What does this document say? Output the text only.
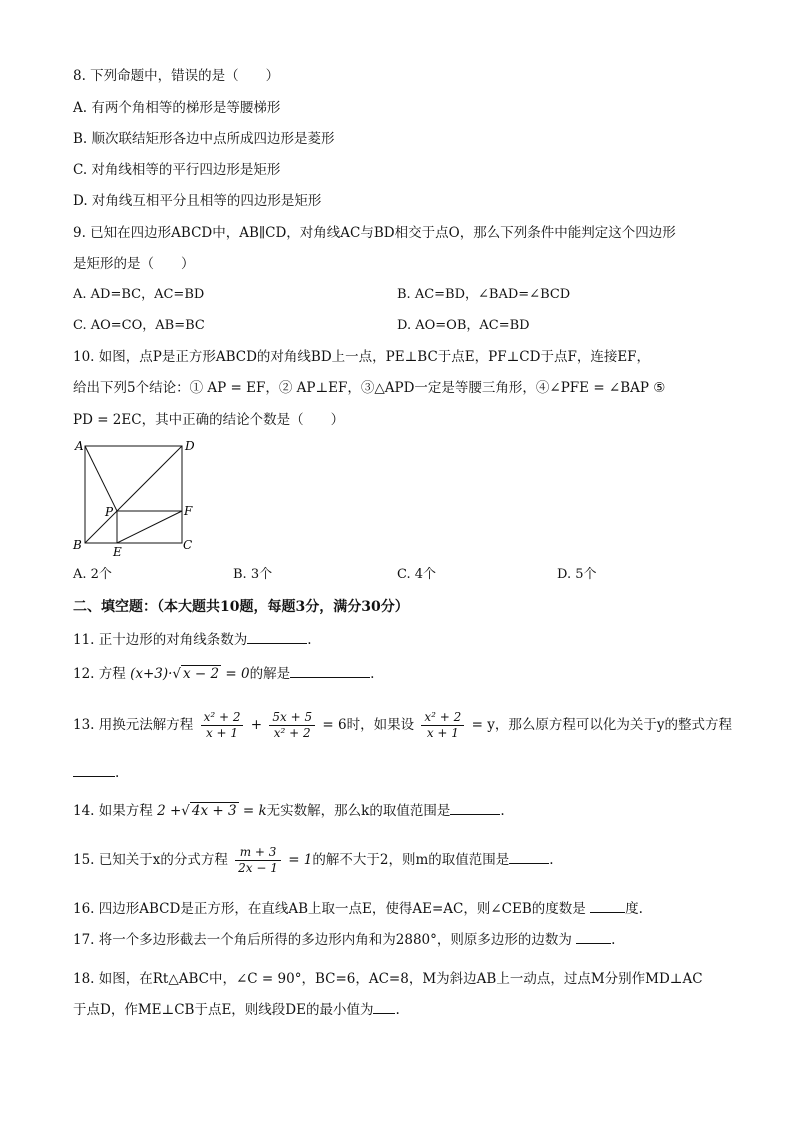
8. 下列命题中，错误的是（　　）
A. 有两个角相等的梯形是等腰梯形
B. 顺次联结矩形各边中点所成四边形是菱形
C. 对角线相等的平行四边形是矩形
D. 对角线互相平分且相等的四边形是矩形
9. 已知在四边形ABCD中，AB∥CD，对角线AC与BD相交于点O，那么下列条件中能判定这个四边形
是矩形的是（　　）
A. AD=BC，AC=BD	B. AC=BD，∠BAD=∠BCD
C. AO=CO，AB=BC	D. AO=OB，AC=BD
10. 如图，点P是正方形ABCD的对角线BD上一点，PE⊥BC于点E，PF⊥CD于点F，连接EF，
给出下列5个结论：① AP = EF，② AP⊥EF，③△APD一定是等腰三角形，④∠PFE = ∠BAP ⑤
PD = 2EC，其中正确的结论个数是（　　）
A	D
B	C
P
E
F
A. 2个	B. 3个	C. 4个	D. 5个
二、填空题：（本大题共10题，每题3分，满分30分）
11. 正十边形的对角线条数为	.
12. 方程 (x+3)·√ x − 2 = 0的解是	.
13. 用换元法解方程 $\frac{\text{x² + 2}}{x + 1} + \frac{5x + 5}{\text{x² + 2}} = 6$时，如果设 $\frac{\text{x² + 2}}{x + 1} = y$，那么原方程可以化为关于y的整式方程
.
14. 如果方程 2 +√ 4x + 3 = k无实数解，那么k的取值范围是	.
15. 已知关于x的分式方程 $\frac{m + 3}{2x - 1} = 1$的解不大于2，则m的取值范围是	.
16. 四边形ABCD是正方形，在直线AB上取一点E，使得AE=AC，则∠CEB的度数是	度.
17. 将一个多边形截去一个角后所得的多边形内角和为2880°，则原多边形的边数为	.
18. 如图，在Rt△ABC中，∠C = 90°，BC=6，AC=8，M为斜边AB上一动点，过点M分别作MD⊥AC
于点D，作ME⊥CB于点E，则线段DE的最小值为 .
